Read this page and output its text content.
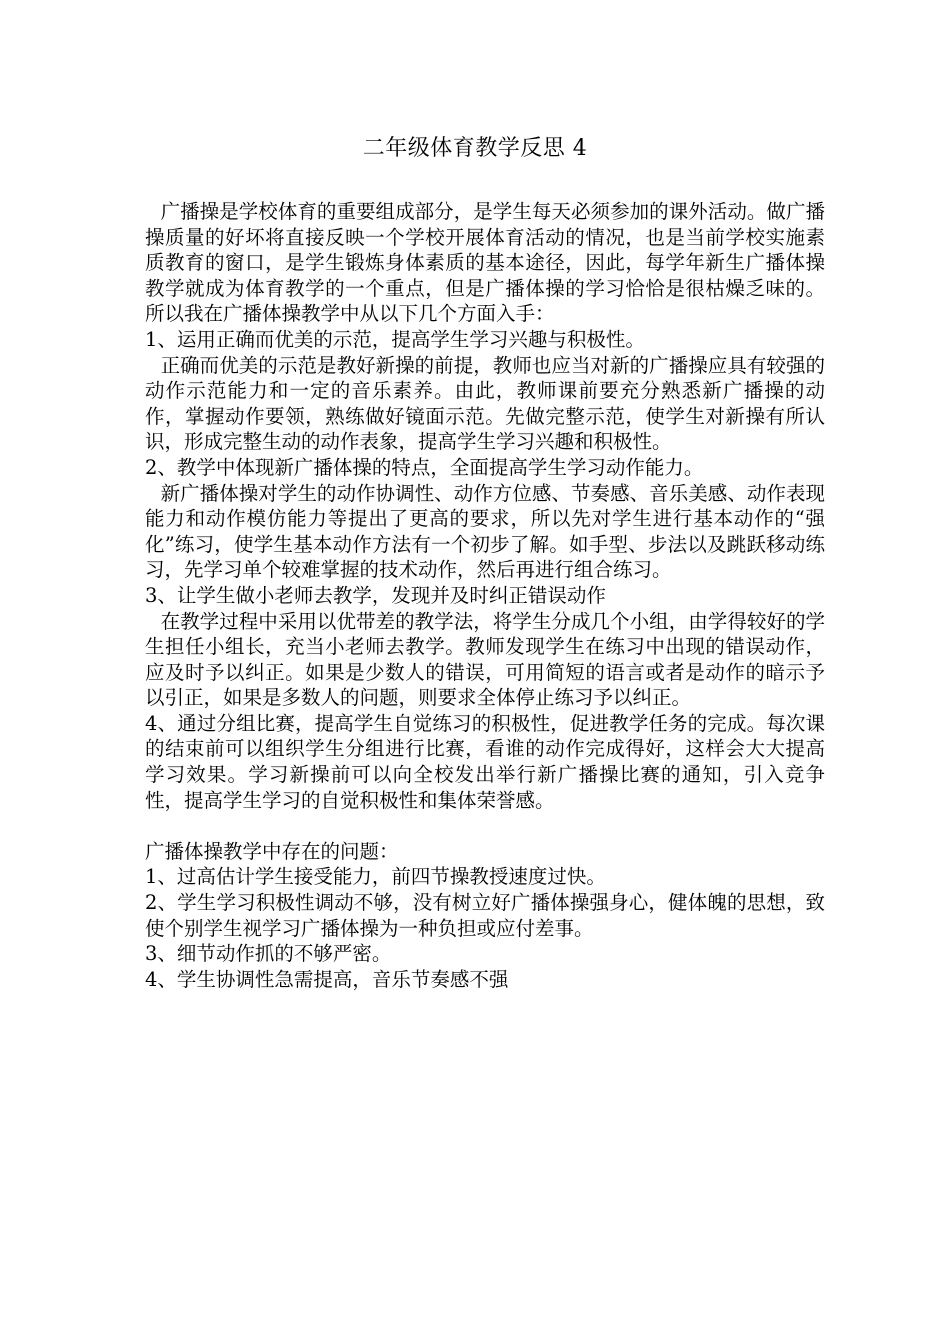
二年级体育教学反思 4

广播操是学校体育的重要组成部分，是学生每天必须参加的课外活动。做广播操质量的好坏将直接反映一个学校开展体育活动的情况，也是当前学校实施素质教育的窗口，是学生锻炼身体素质的基本途径，因此，每学年新生广播体操教学就成为体育教学的一个重点，但是广播体操的学习恰恰是很枯燥乏味的。所以我在广播体操教学中从以下几个方面入手：

1、运用正确而优美的示范，提高学生学习兴趣与积极性。

正确而优美的示范是教好新操的前提，教师也应当对新的广播操应具有较强的动作示范能力和一定的音乐素养。由此，教师课前要充分熟悉新广播操的动作，掌握动作要领，熟练做好镜面示范。先做完整示范，使学生对新操有所认识，形成完整生动的动作表象，提高学生学习兴趣和积极性。

2、教学中体现新广播体操的特点，全面提高学生学习动作能力。

新广播体操对学生的动作协调性、动作方位感、节奏感、音乐美感、动作表现能力和动作模仿能力等提出了更高的要求，所以先对学生进行基本动作的“强化”练习，使学生基本动作方法有一个初步了解。如手型、步法以及跳跃移动练习，先学习单个较难掌握的技术动作，然后再进行组合练习。

3、让学生做小老师去教学，发现并及时纠正错误动作

在教学过程中采用以优带差的教学法，将学生分成几个小组，由学得较好的学生担任小组长，充当小老师去教学。教师发现学生在练习中出现的错误动作，应及时予以纠正。如果是少数人的错误，可用简短的语言或者是动作的暗示予以引正，如果是多数人的问题，则要求全体停止练习予以纠正。

4、通过分组比赛，提高学生自觉练习的积极性，促进教学任务的完成。每次课的结束前可以组织学生分组进行比赛，看谁的动作完成得好，这样会大大提高学习效果。学习新操前可以向全校发出举行新广播操比赛的通知，引入竞争性，提高学生学习的自觉积极性和集体荣誉感。

广播体操教学中存在的问题：

1、过高估计学生接受能力，前四节操教授速度过快。

2、学生学习积极性调动不够，没有树立好广播体操强身心，健体魄的思想，致使个别学生视学习广播体操为一种负担或应付差事。

3、细节动作抓的不够严密。

4、学生协调性急需提高，音乐节奏感不强
